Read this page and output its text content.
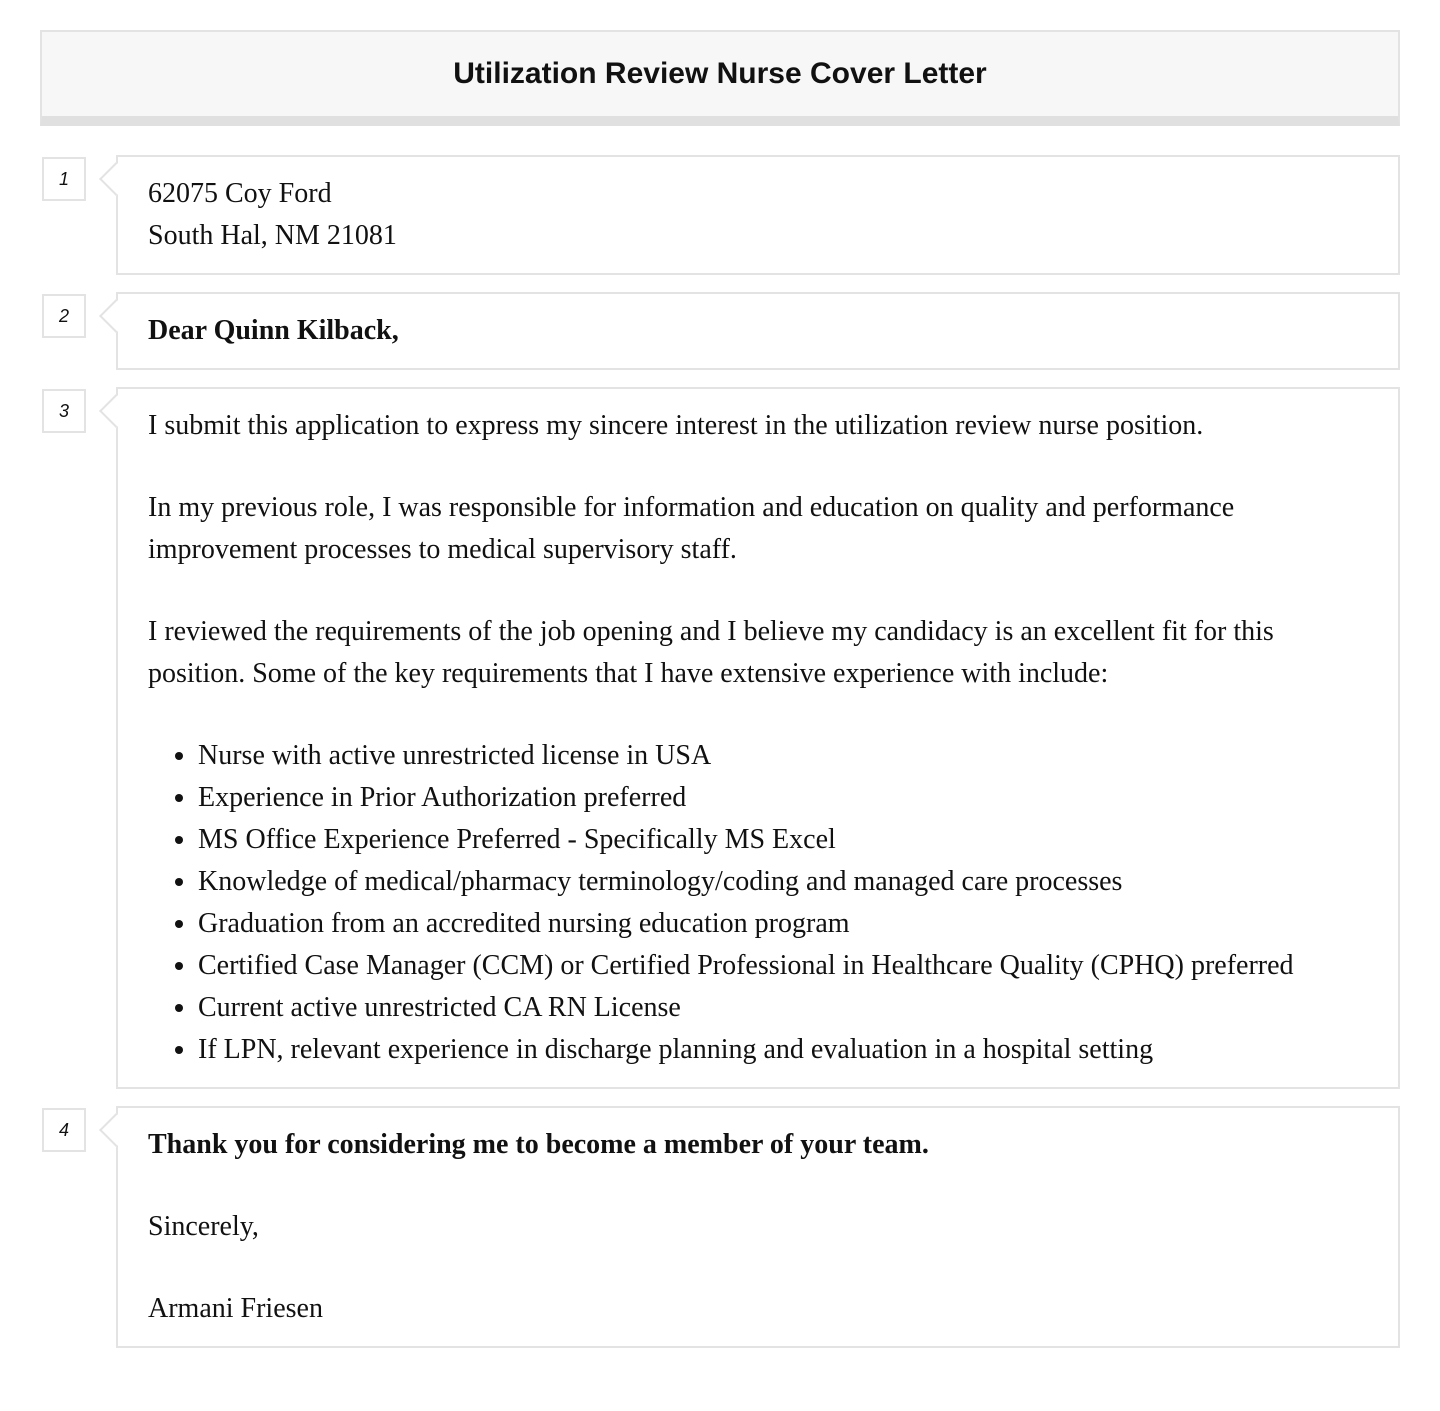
Utilization Review Nurse Cover Letter
1	62075 Coy Ford
South Hal, NM 21081
2	Dear Quinn Kilback,
3	I submit this application to express my sincere interest in the utilization review nurse position.

In my previous role, I was responsible for information and education on quality and performance improvement processes to medical supervisory staff.

I reviewed the requirements of the job opening and I believe my candidacy is an excellent fit for this position. Some of the key requirements that I have extensive experience with include:

• Nurse with active unrestricted license in USA
• Experience in Prior Authorization preferred
• MS Office Experience Preferred - Specifically MS Excel
• Knowledge of medical/pharmacy terminology/coding and managed care processes
• Graduation from an accredited nursing education program
• Certified Case Manager (CCM) or Certified Professional in Healthcare Quality (CPHQ) preferred
• Current active unrestricted CA RN License
• If LPN, relevant experience in discharge planning and evaluation in a hospital setting
4	Thank you for considering me to become a member of your team.

Sincerely,

Armani Friesen
